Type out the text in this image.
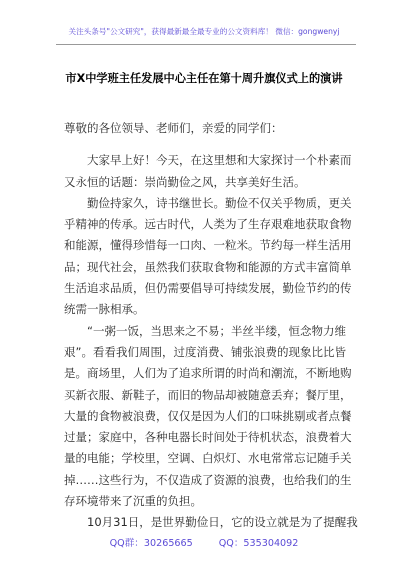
关注头条号"公文研究"，获得最新最全最专业的公文资料库！ 微信：gongwenyj
市X中学班主任发展中心主任在第十周升旗仪式上的演讲
尊敬的各位领导、老师们，亲爱的同学们：
大家早上好！今天，在这里想和大家探讨一个朴素而
又永恒的话题：崇尚勤俭之风，共享美好生活。
勤俭持家久，诗书继世长。勤俭不仅关乎物质，更关
乎精神的传承。远古时代，人类为了生存艰难地获取食物
和能源，懂得珍惜每一口肉、一粒米。节约每一样生活用
品；现代社会，虽然我们获取食物和能源的方式丰富简单
生活追求品质，但仍需要倡导可持续发展，勤俭节约的传
统需一脉相承。
“一粥一饭，当思来之不易；半丝半缕，恒念物力维
艰”。看看我们周围，过度消费、铺张浪费的现象比比皆
是。商场里，人们为了追求所谓的时尚和潮流，不断地购
买新衣服、新鞋子，而旧的物品却被随意丢弃；餐厅里，
大量的食物被浪费，仅仅是因为人们的口味挑剔或者点餐
过量；家庭中，各种电器长时间处于待机状态，浪费着大
量的电能；学校里，空调、白炽灯、水电常常忘记随手关
掉……这些行为，不仅造成了资源的浪费，也给我们的生
存环境带来了沉重的负担。
10月31日，是世界勤俭日，它的设立就是为了提醒我
QQ群：30265665	QQ：535304092
